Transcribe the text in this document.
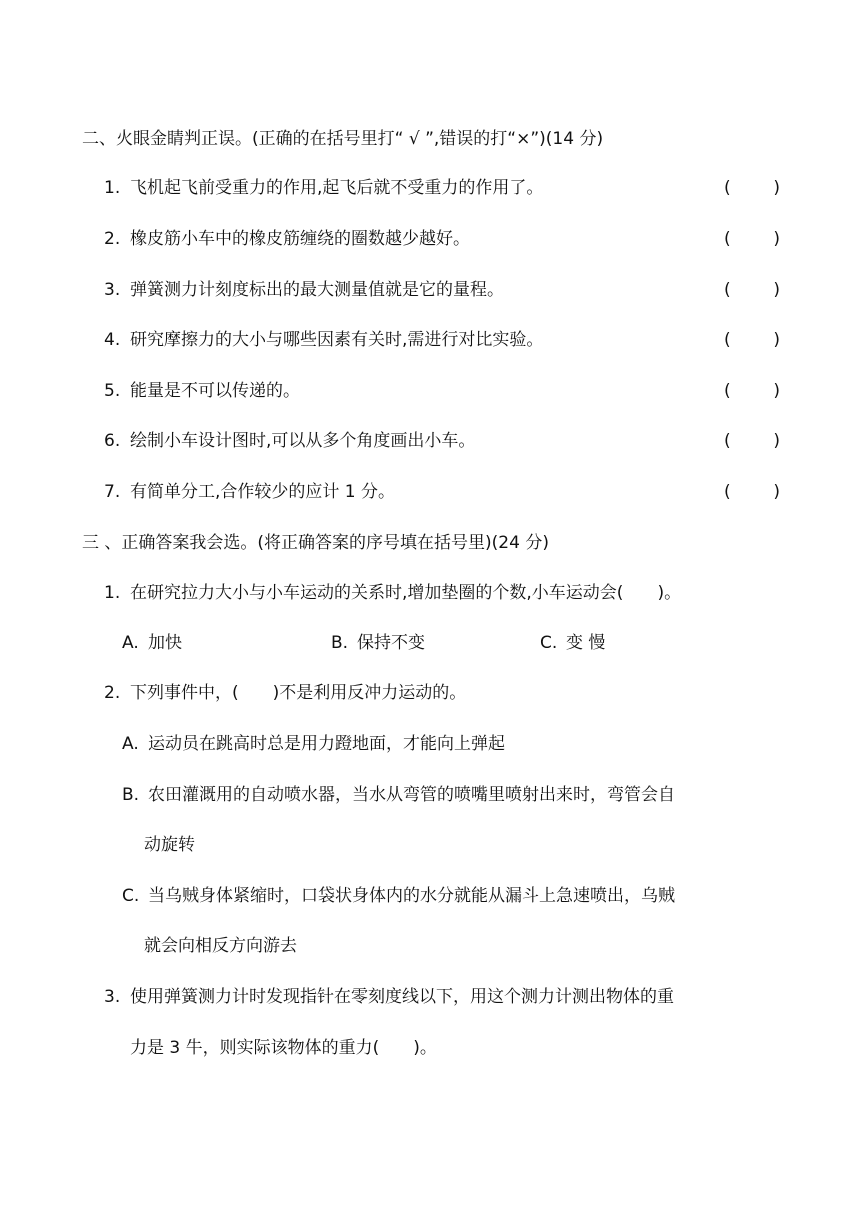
二、火眼金睛判正误。(正确的在括号里打“ √ ”,错误的打“×”)(14 分)
1. 飞机起飞前受重力的作用,起飞后就不受重力的作用了。	(	)
2. 橡皮筋小车中的橡皮筋缠绕的圈数越少越好。	(	)
3. 弹簧测力计刻度标出的最大测量值就是它的量程。	(	)
4. 研究摩擦力的大小与哪些因素有关时,需进行对比实验。	(	)
5. 能量是不可以传递的。	(	)
6. 绘制小车设计图时,可以从多个角度画出小车。	(	)
7. 有简单分工,合作较少的应计 1 分。	(	)
三 、正确答案我会选。(将正确答案的序号填在括号里)(24 分)
1. 在研究拉力大小与小车运动的关系时,增加垫圈的个数,小车运动会(　　)。
A. 加快	B. 保持不变	C. 变 慢
2. 下列事件中，(　　)不是利用反冲力运动的。
A. 运动员在跳高时总是用力蹬地面，才能向上弹起
B. 农田灌溉用的自动喷水器，当水从弯管的喷嘴里喷射出来时，弯管会自
动旋转
C. 当乌贼身体紧缩时，口袋状身体内的水分就能从漏斗上急速喷出，乌贼
就会向相反方向游去
3. 使用弹簧测力计时发现指针在零刻度线以下，用这个测力计测出物体的重
力是 3 牛，则实际该物体的重力(　　)。
